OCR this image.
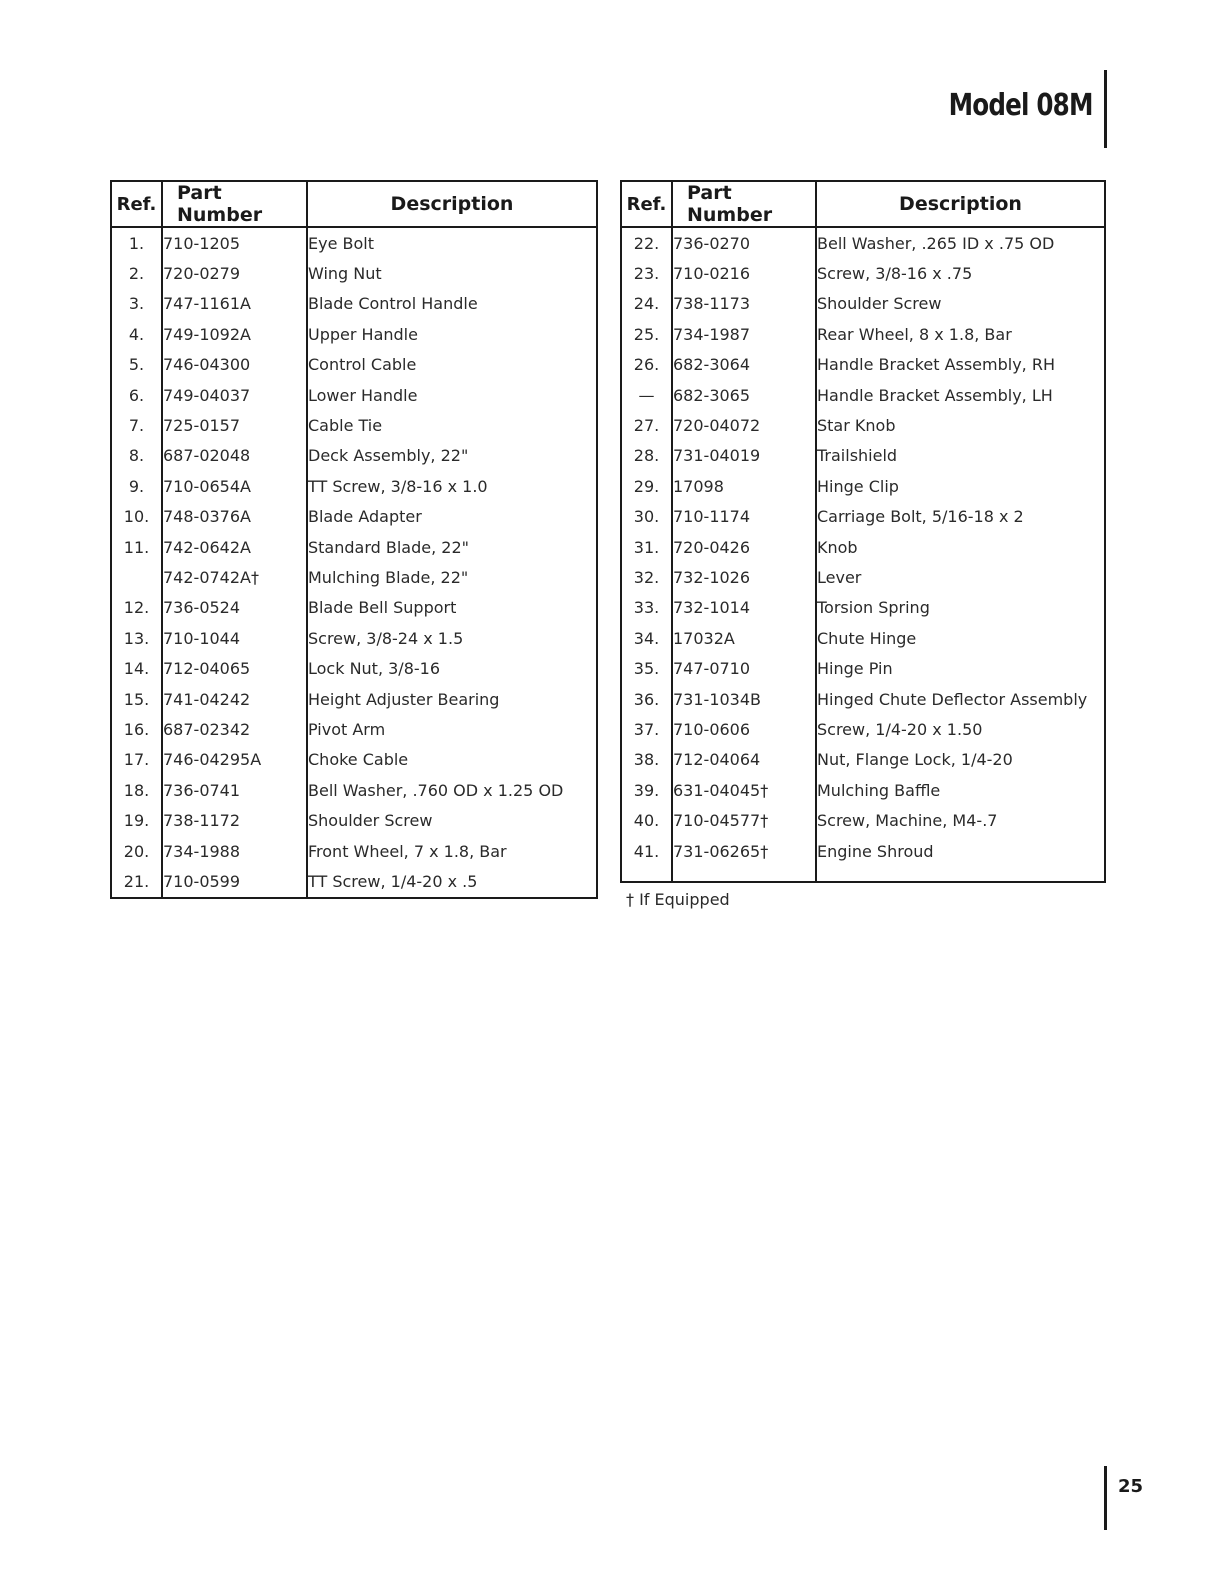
Model 08M
Ref.	Part Number	Description
1.	710-1205	Eye Bolt
2.	720-0279	Wing Nut
3.	747-1161A	Blade Control Handle
4.	749-1092A	Upper Handle
5.	746-04300	Control Cable
6.	749-04037	Lower Handle
7.	725-0157	Cable Tie
8.	687-02048	Deck Assembly, 22"
9.	710-0654A	TT Screw, 3/8-16 x 1.0
10.	748-0376A	Blade Adapter
11.	742-0642A	Standard Blade, 22"
	742-0742A†	Mulching Blade, 22"
12.	736-0524	Blade Bell Support
13.	710-1044	Screw, 3/8-24 x 1.5
14.	712-04065	Lock Nut, 3/8-16
15.	741-04242	Height Adjuster Bearing
16.	687-02342	Pivot Arm
17.	746-04295A	Choke Cable
18.	736-0741	Bell Washer, .760 OD x 1.25 OD
19.	738-1172	Shoulder Screw
20.	734-1988	Front Wheel, 7 x 1.8, Bar
21.	710-0599	TT Screw, 1/4-20 x .5
Ref.	Part Number	Description
22.	736-0270	Bell Washer, .265 ID x .75 OD
23.	710-0216	Screw, 3/8-16 x .75
24.	738-1173	Shoulder Screw
25.	734-1987	Rear Wheel, 8 x 1.8, Bar
26.	682-3064	Handle Bracket Assembly, RH
—	682-3065	Handle Bracket Assembly, LH
27.	720-04072	Star Knob
28.	731-04019	Trailshield
29.	17098	Hinge Clip
30.	710-1174	Carriage Bolt, 5/16-18 x 2
31.	720-0426	Knob
32.	732-1026	Lever
33.	732-1014	Torsion Spring
34.	17032A	Chute Hinge
35.	747-0710	Hinge Pin
36.	731-1034B	Hinged Chute Deflector Assembly
37.	710-0606	Screw, 1/4-20 x 1.50
38.	712-04064	Nut, Flange Lock, 1/4-20
39.	631-04045†	Mulching Baffle
40.	710-04577†	Screw, Machine, M4-.7
41.	731-06265†	Engine Shroud

† If Equipped
25
